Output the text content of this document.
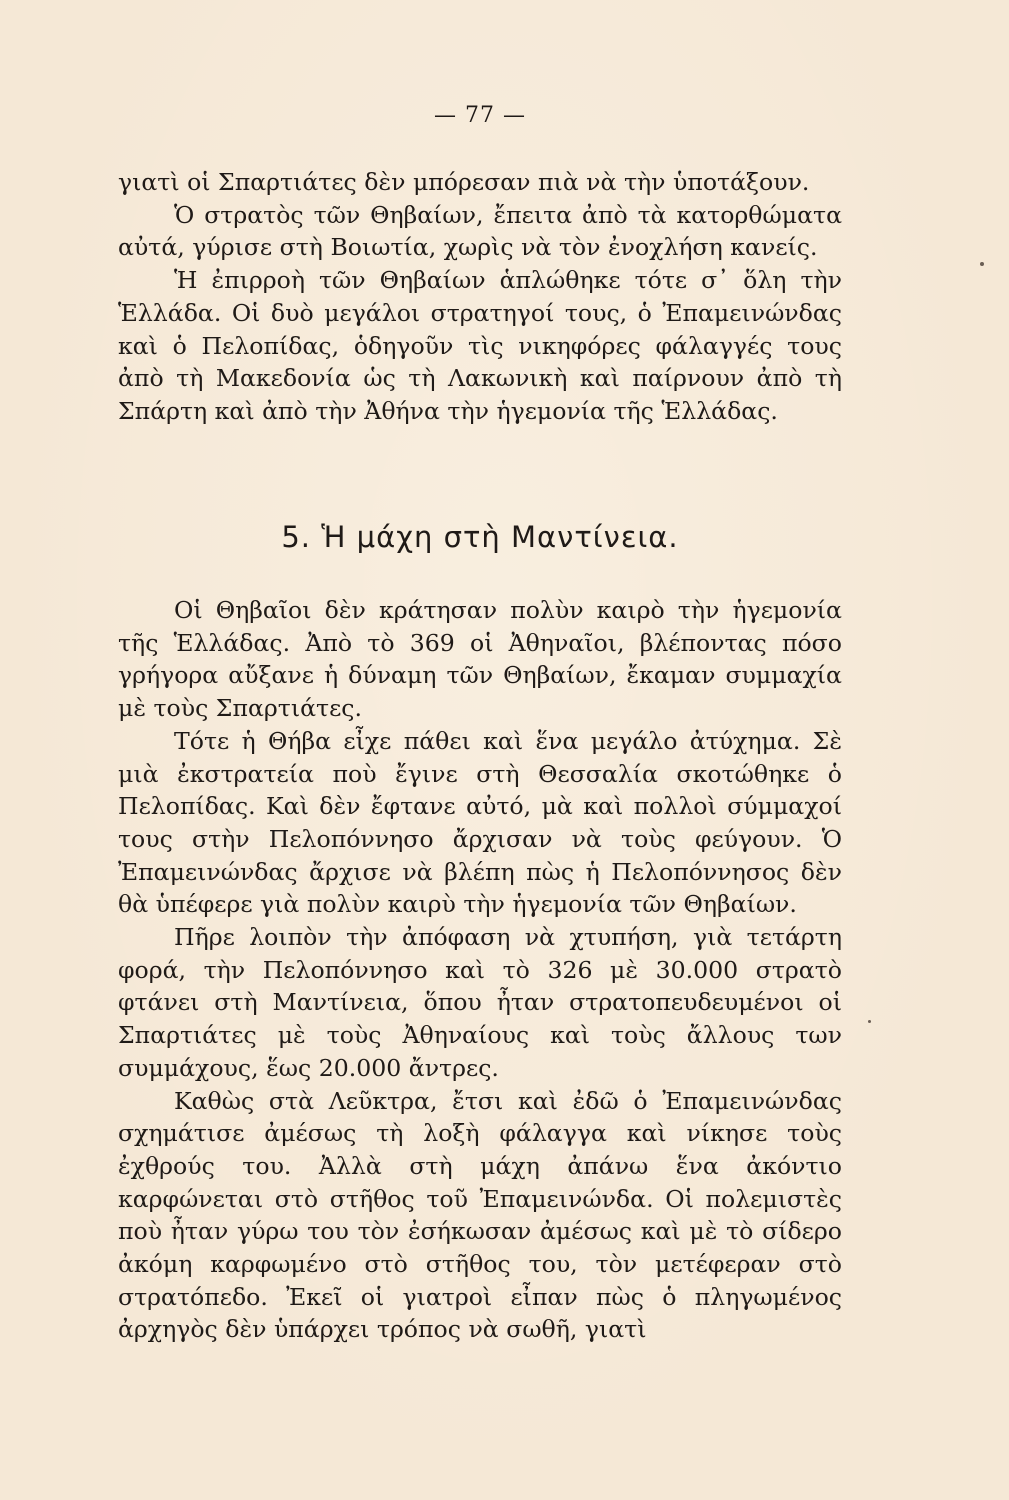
— 77 —

γιατὶ οἱ Σπαρτιάτες δὲν μπόρεσαν πιὰ νὰ τὴν ὑποτάξουν.

Ὁ στρατὸς τῶν Θηβαίων, ἔπειτα ἀπὸ τὰ κατορθώματα αὐτά, γύρισε στὴ Βοιωτία, χωρὶς νὰ τὸν ἐνοχλήση κανείς.

Ἡ ἐπιρροὴ τῶν Θηβαίων ἁπλώθηκε τότε σ᾽ ὅλη τὴν Ἑλλάδα. Οἱ δυὸ μεγάλοι στρατηγοί τους, ὁ Ἐπαμεινώνδας καὶ ὁ Πελοπίδας, ὁδηγοῦν τὶς νικηφόρες φάλαγγές τους ἀπὸ τὴ Μακεδονία ὡς τὴ Λακωνικὴ καὶ παίρνουν ἀπὸ τὴ Σπάρτη καὶ ἀπὸ τὴν Ἀθήνα τὴν ἡγεμονία τῆς Ἑλλάδας.

5. Ἡ μάχη στὴ Μαντίνεια.

Οἱ Θηβαῖοι δὲν κράτησαν πολὺν καιρὸ τὴν ἡγεμονία τῆς Ἑλλάδας. Ἀπὸ τὸ 369 οἱ Ἀθηναῖοι, βλέποντας πόσο γρήγορα αὔξανε ἡ δύναμη τῶν Θηβαίων, ἔκαμαν συμμαχία μὲ τοὺς Σπαρτιάτες.

Τότε ἡ Θήβα εἶχε πάθει καὶ ἕνα μεγάλο ἀτύχημα. Σὲ μιὰ ἐκστρατεία ποὺ ἔγινε στὴ Θεσσαλία σκοτώθηκε ὁ Πελοπίδας. Καὶ δὲν ἔφτανε αὐτό, μὰ καὶ πολλοὶ σύμμαχοί τους στὴν Πελοπόννησο ἄρχισαν νὰ τοὺς φεύγουν. Ὁ Ἐπαμεινώνδας ἄρχισε νὰ βλέπη πὼς ἡ Πελοπόννησος δὲν θὰ ὑπέφερε γιὰ πολὺν καιρὺ τὴν ἡγεμονία τῶν Θηβαίων.

Πῆρε λοιπὸν τὴν ἀπόφαση νὰ χτυπήση, γιὰ τετάρτη φορά, τὴν Πελοπόννησο καὶ τὸ 326 μὲ 30.000 στρατὸ φτάνει στὴ Μαντίνεια, ὅπου ἦταν στρατοπευδευμένοι οἱ Σπαρτιάτες μὲ τοὺς Ἀθηναίους καὶ τοὺς ἄλλους των συμμάχους, ἕως 20.000 ἄντρες.

Καθὼς στὰ Λεῦκτρα, ἔτσι καὶ ἐδῶ ὁ Ἐπαμεινώνδας σχημάτισε ἀμέσως τὴ λοξὴ φάλαγγα καὶ νίκησε τοὺς ἐχθρούς του. Ἀλλὰ στὴ μάχη ἀπάνω ἕνα ἀκόντιο καρφώνεται στὸ στῆθος τοῦ Ἐπαμεινώνδα. Οἱ πολεμιστὲς ποὺ ἦταν γύρω του τὸν ἐσήκωσαν ἀμέσως καὶ μὲ τὸ σίδερο ἀκόμη καρφωμένο στὸ στῆθος του, τὸν μετέφεραν στὸ στρατόπεδο. Ἐκεῖ οἱ γιατροὶ εἶπαν πὼς ὁ πληγωμένος ἀρχηγὸς δὲν ὑπάρχει τρόπος νὰ σωθῆ, γιατὶ
